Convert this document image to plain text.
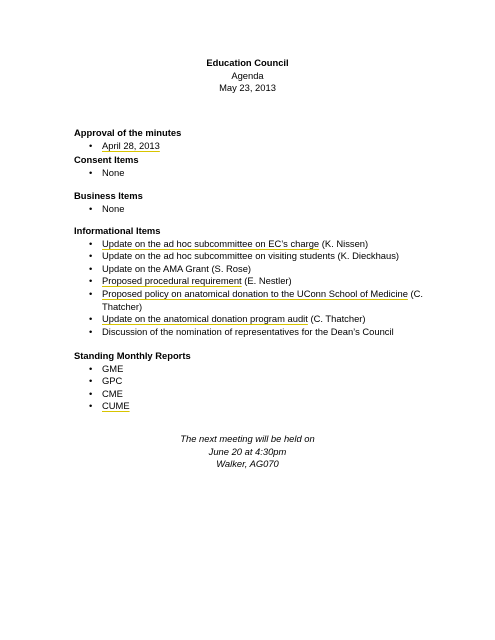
Education Council
Agenda
May 23, 2013
Approval of the minutes
• April 28, 2013
Consent Items
• None
Business Items
• None
Informational Items
• Update on the ad hoc subcommittee on EC’s charge (K. Nissen)
• Update on the ad hoc subcommittee on visiting students (K. Dieckhaus)
• Update on the AMA Grant (S. Rose)
• Proposed procedural requirement (E. Nestler)
• Proposed policy on anatomical donation to the UConn School of Medicine (C. Thatcher)
• Update on the anatomical donation program audit (C. Thatcher)
• Discussion of the nomination of representatives for the Dean’s Council
Standing Monthly Reports
• GME
• GPC
• CME
• CUME
The next meeting will be held on
June 20 at 4:30pm
Walker, AG070
